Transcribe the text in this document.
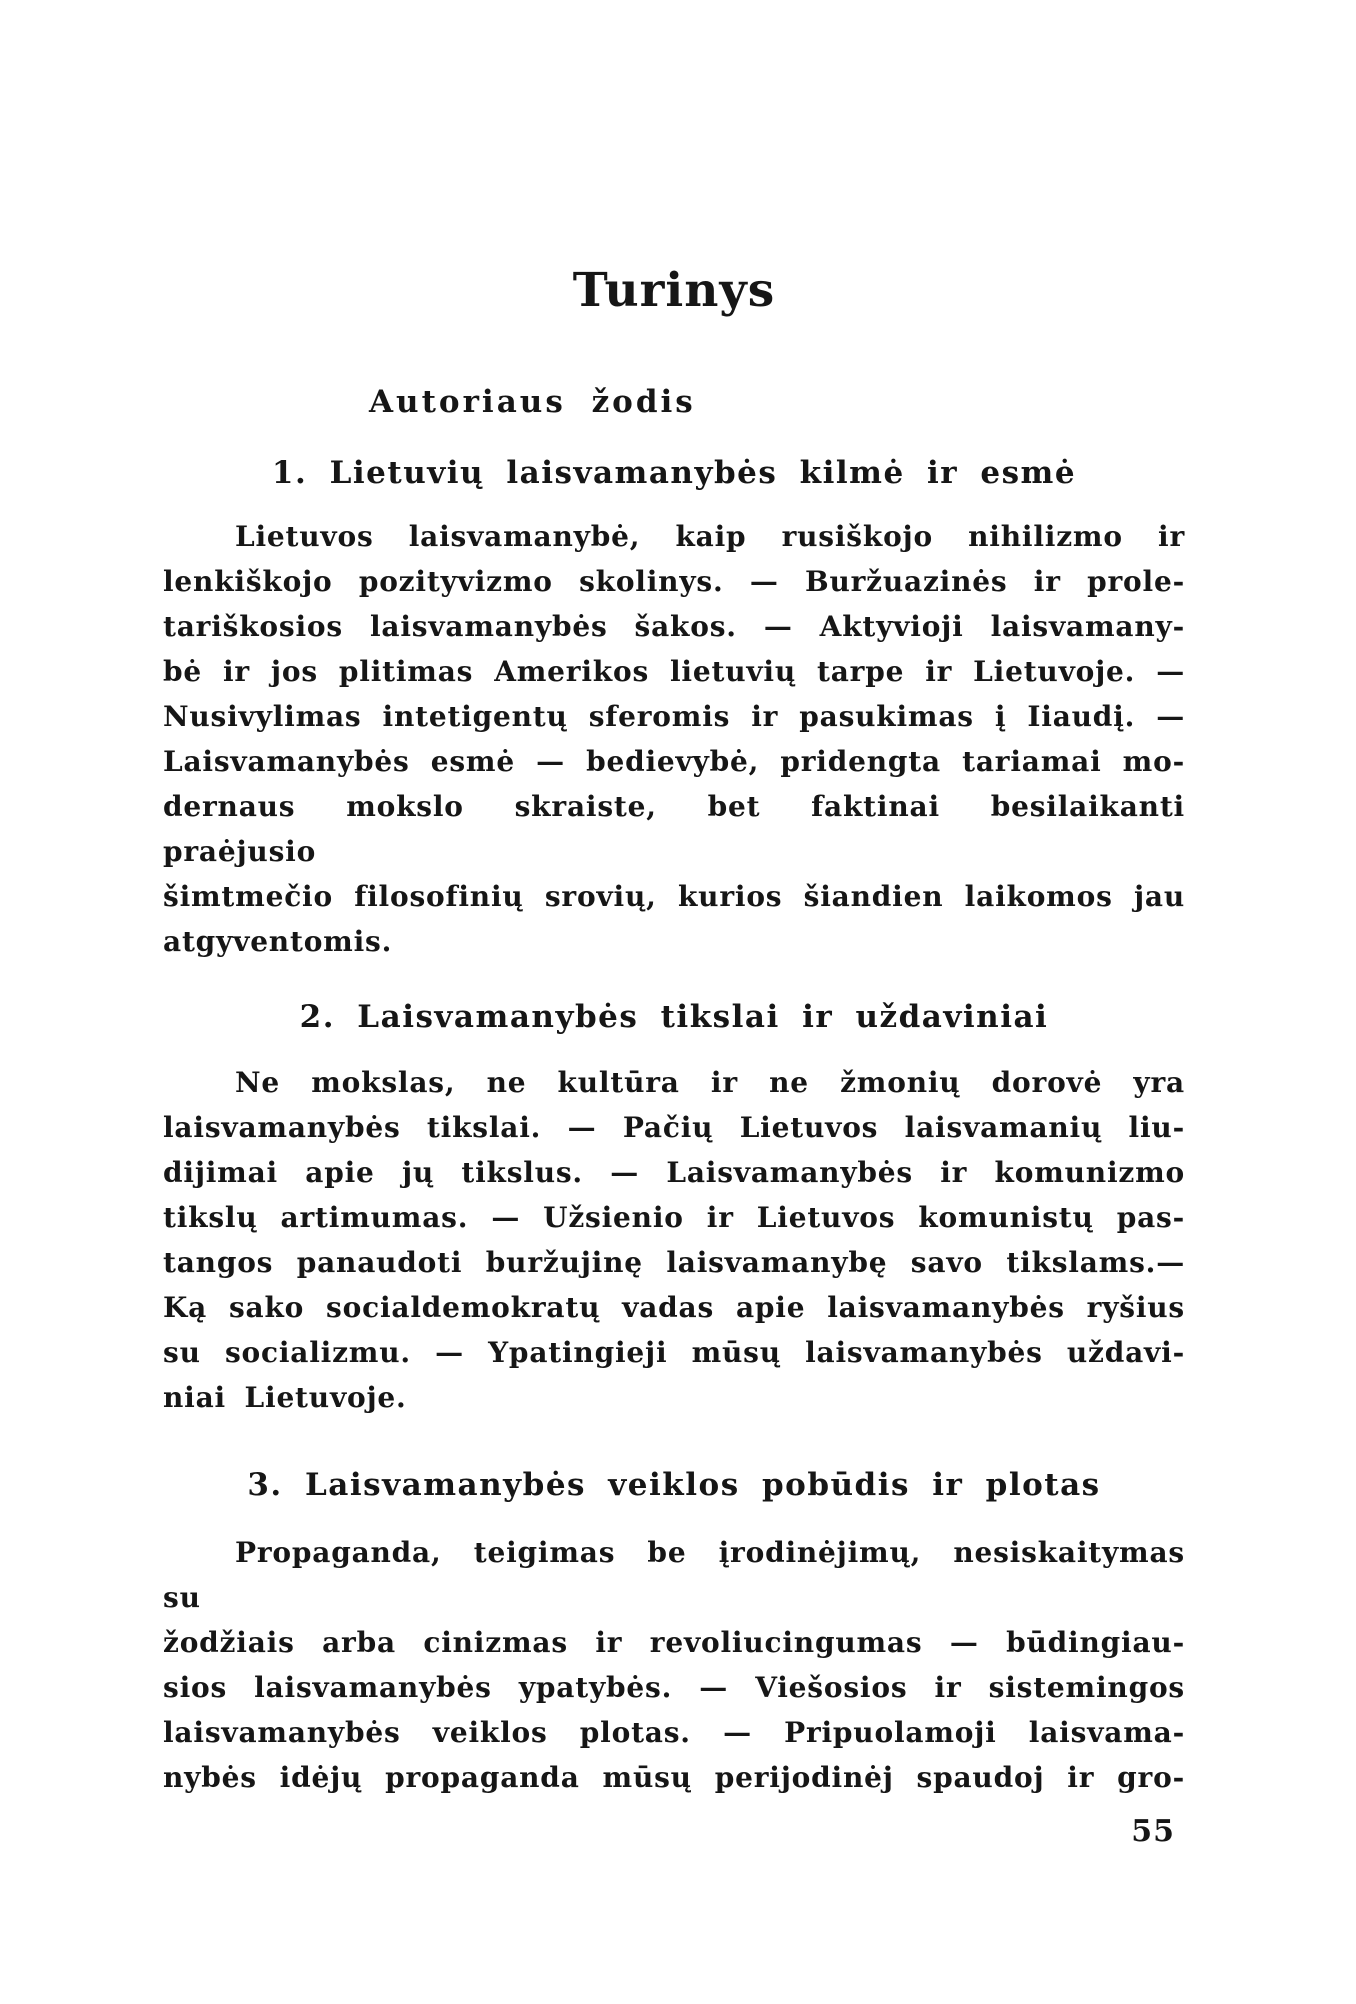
Turinys
Autoriaus žodis
1. Lietuvių laisvamanybės kilmė ir esmė
Lietuvos laisvamanybė, kaip rusiškojo nihilizmo ir
lenkiškojo pozityvizmo skolinys. — Buržuazinės ir prole-
tariškosios laisvamanybės šakos. — Aktyvioji laisvamany-
bė ir jos plitimas Amerikos lietuvių tarpe ir Lietuvoje. —
Nusivylimas intetigentų sferomis ir pasukimas į Iiaudį. —
Laisvamanybės esmė — bedievybė, pridengta tariamai mo-
dernaus mokslo skraiste, bet faktinai besilaikanti praėjusio
šimtmečio filosofinių srovių, kurios šiandien laikomos jau
atgyventomis.
2. Laisvamanybės tikslai ir uždaviniai
Ne mokslas, ne kultūra ir ne žmonių dorovė yra
laisvamanybės tikslai. — Pačių Lietuvos laisvamanių liu-
dijimai apie jų tikslus. — Laisvamanybės ir komunizmo
tikslų artimumas. — Užsienio ir Lietuvos komunistų pas-
tangos panaudoti buržujinę laisvamanybę savo tikslams.—
Ką sako socialdemokratų vadas apie laisvamanybės ryšius
su socializmu. — Ypatingieji mūsų laisvamanybės uždavi-
niai Lietuvoje.
3. Laisvamanybės veiklos pobūdis ir plotas
Propaganda, teigimas be įrodinėjimų, nesiskaitymas su
žodžiais arba cinizmas ir revoliucingumas — būdingiau-
sios laisvamanybės ypatybės. — Viešosios ir sistemingos
laisvamanybės veiklos plotas. — Pripuolamoji laisvama-
nybės idėjų propaganda mūsų perijodinėj spaudoj ir gro-
55
